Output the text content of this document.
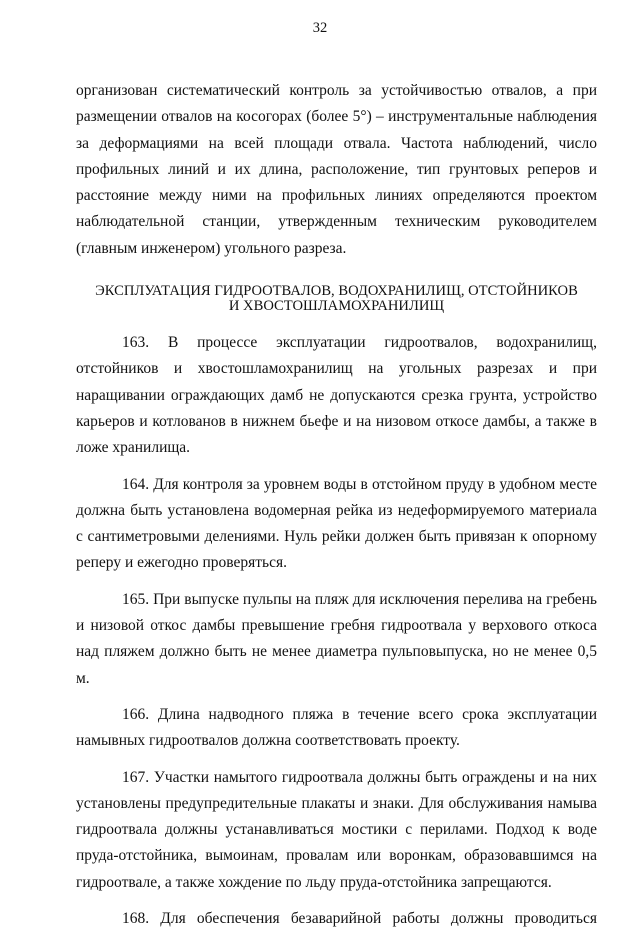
32

организован систематический контроль за устойчивостью отвалов, а при размещении отвалов на косогорах (более 5°) – инструментальные наблюдения за деформациями на всей площади отвала. Частота наблюдений, число профильных линий и их длина, расположение, тип грунтовых реперов и расстояние между ними на профильных линиях определяются проектом наблюдательной станции, утвержденным техническим руководителем (главным инженером) угольного разреза.

ЭКСПЛУАТАЦИЯ ГИДРООТВАЛОВ, ВОДОХРАНИЛИЩ, ОТСТОЙНИКОВ
И ХВОСТОШЛАМОХРАНИЛИЩ

163. В процессе эксплуатации гидроотвалов, водохранилищ, отстойников и хвостошламохранилищ на угольных разрезах и при наращивании ограждающих дамб не допускаются срезка грунта, устройство карьеров и котлованов в нижнем бьефе и на низовом откосе дамбы, а также в ложе хранилища.

164. Для контроля за уровнем воды в отстойном пруду в удобном месте должна быть установлена водомерная рейка из недеформируемого материала с сантиметровыми делениями. Нуль рейки должен быть привязан к опорному реперу и ежегодно проверяться.

165. При выпуске пульпы на пляж для исключения перелива на гребень и низовой откос дамбы превышение гребня гидроотвала у верхового откоса над пляжем должно быть не менее диаметра пульповыпуска, но не менее 0,5 м.

166. Длина надводного пляжа в течение всего срока эксплуатации намывных гидроотвалов должна соответствовать проекту.

167. Участки намытого гидроотвала должны быть ограждены и на них установлены предупредительные плакаты и знаки. Для обслуживания намыва гидроотвала должны устанавливаться мостики с перилами. Подход к воде пруда-отстойника, вымоинам, провалам или воронкам, образовавшимся на гидроотвале, а также хождение по льду пруда-отстойника запрещаются.

168. Для обеспечения безаварийной работы должны проводиться
